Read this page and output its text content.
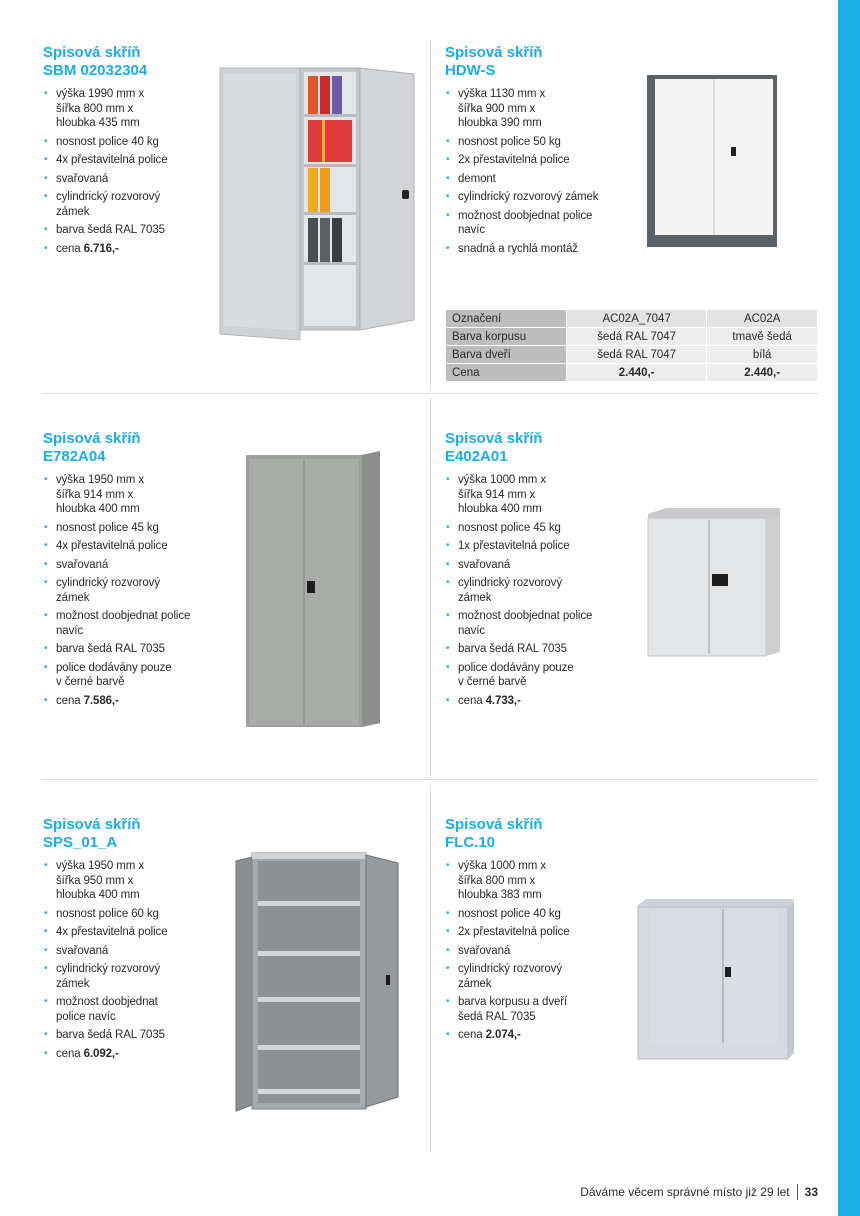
Spisová skříň
SBM 02032304
• výška 1990 mm x
šířka 800 mm x
hloubka 435 mm
• nosnost police 40 kg
• 4x přestavitelná police
• svařovaná
• cylindrický rozvorový
zámek
• barva šedá RAL 7035
• cena 6.716,-
Spisová skříň
HDW-S
• výška 1130 mm x
šířka 900 mm x
hloubka 390 mm
• nosnost police 50 kg
• 2x přestavitelná police
• demont
• cylindrický rozvorový zámek
• možnost doobjednat police
navíc
• snadná a rychlá montáž
Označení	AC02A_7047	AC02A
Barva korpusu	šedá RAL 7047	tmavě šedá
Barva dveří	šedá RAL 7047	bílá
Cena	2.440,-	2.440,-
Spisová skříň
E782A04
• výška 1950 mm x
šířka 914 mm x
hloubka 400 mm
• nosnost police 45 kg
• 4x přestavitelná police
• svařovaná
• cylindrický rozvorový
zámek
• možnost doobjednat police
navíc
• barva šedá RAL 7035
• police dodávány pouze
v černé barvě
• cena 7.586,-
Spisová skříň
E402A01
• výška 1000 mm x
šířka 914 mm x
hloubka 400 mm
• nosnost police 45 kg
• 1x přestavitelná police
• svařovaná
• cylindrický rozvorový
zámek
• možnost doobjednat police
navíc
• barva šedá RAL 7035
• police dodávány pouze
v černé barvě
• cena 4.733,-
Spisová skříň
SPS_01_A
• výška 1950 mm x
šířka 950 mm x
hloubka 400 mm
• nosnost police 60 kg
• 4x přestavitelná police
• svařovaná
• cylindrický rozvorový
zámek
• možnost doobjednat
police navíc
• barva šedá RAL 7035
• cena 6.092,-
Spisová skříň
FLC.10
• výška 1000 mm x
šířka 800 mm x
hloubka 383 mm
• nosnost police 40 kg
• 2x přestavitelná police
• svařovaná
• cylindrický rozvorový
zámek
• barva korpusu a dveří
šedá RAL 7035
• cena 2.074,-
Dáváme věcem správné místo již 29 let 33
